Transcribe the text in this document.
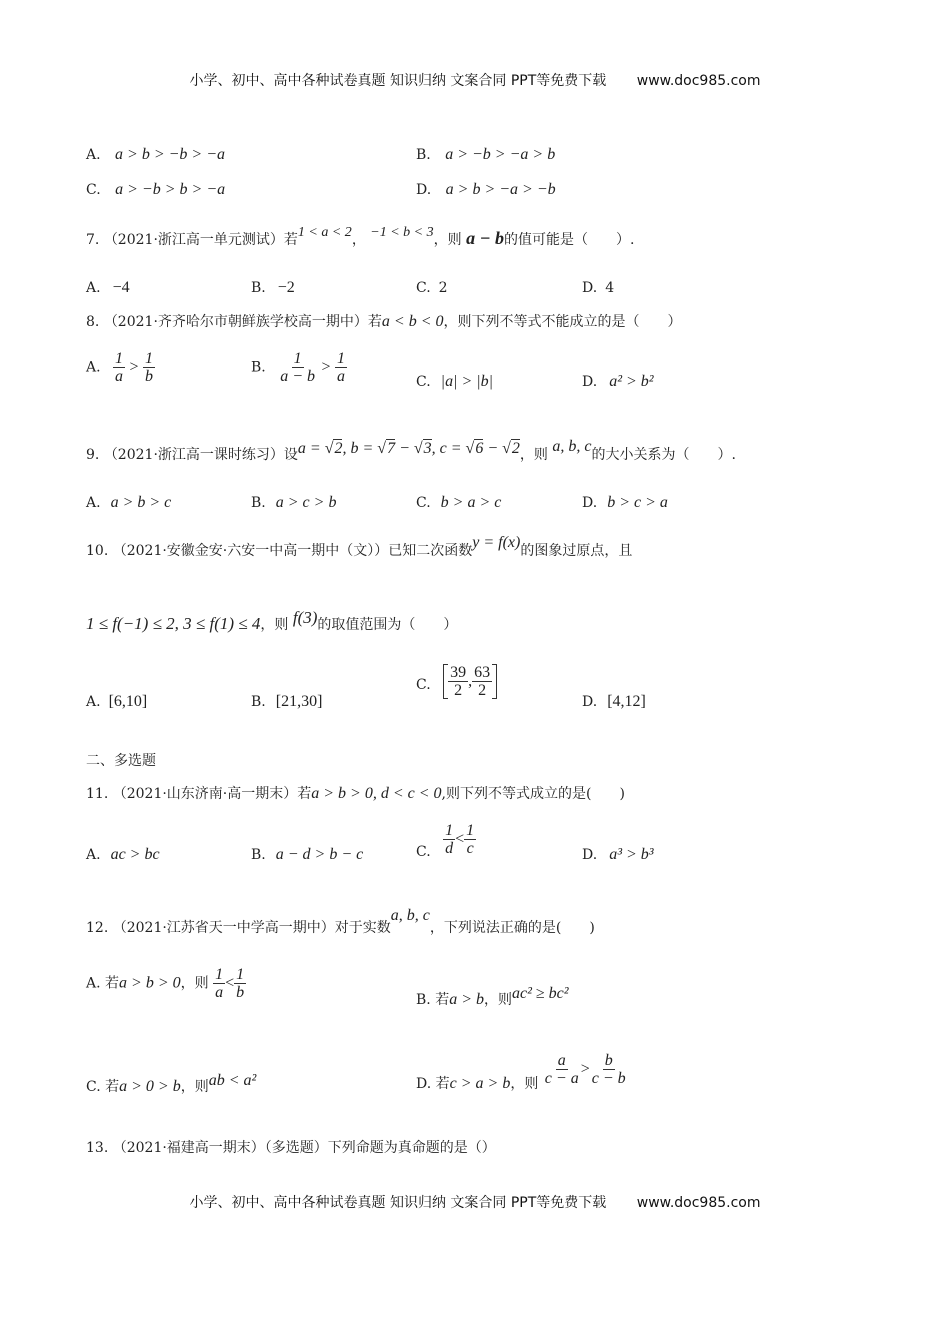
小学、初中、高中各种试卷真题 知识归纳 文案合同 PPT等免费下载 www.doc985.com
A. a > b > −b > −a	B. a > −b > −a > b
C. a > −b > b > −a	D. a > b > −a > −b
7. （2021·浙江高一单元测试）若1 < a < 2， −1 < b < 3，则 a − b的值可能是（　　）.
A. −4	B. −2	C. 2	D. 4
8. （2021·齐齐哈尔市朝鲜族学校高一期中）若a < b < 0，则下列不等式不能成立的是（　　）
A. $\frac{1}{a} > \frac{1}{b}$	B. $\frac{1}{a - b} > \frac{1}{a}$	C. |a| > |b|	D. a² > b²
9. （2021·浙江高一课时练习）设a = √2, b = √7 − √3, c = √6 − √2，则 a, b, c的大小关系为（　　）.
A. a > b > c	B. a > c > b	C. b > a > c	D. b > c > a
10. （2021·安徽金安·六安一中高一期中（文））已知二次函数y = f(x)的图象过原点，且
1 ≤ f(−1) ≤ 2, 3 ≤ f(1) ≤ 4，则 f(3)的取值范围为（　　）
A. [6,10]	B. [21,30]
C. $\frac{39}{2}$ , $\frac{63}{2}$
D. [4,12]
二、多选题
11. （2021·山东济南·高一期末）若a > b > 0, d < c < 0,则下列不等式成立的是(　　)
A. ac > bc	B. a − d > b − c	C. $\frac{1}{d} < \frac{1}{c}$	D. a³ > b³
12. （2021·江苏省天一中学高一期中）对于实数a, b, c，下列说法正确的是(　　)
A. 若a > b > 0，则 $\frac{1}{a} < \frac{1}{b}$	B. 若a > b，则ac² ≥ bc²
C. 若a > 0 > b，则ab < a²	D. 若c > a > b，则 $\frac{a}{c - a} > \frac{b}{c - b}$
13. （2021·福建高一期末）（多选题）下列命题为真命题的是（）
小学、初中、高中各种试卷真题 知识归纳 文案合同 PPT等免费下载 www.doc985.com
